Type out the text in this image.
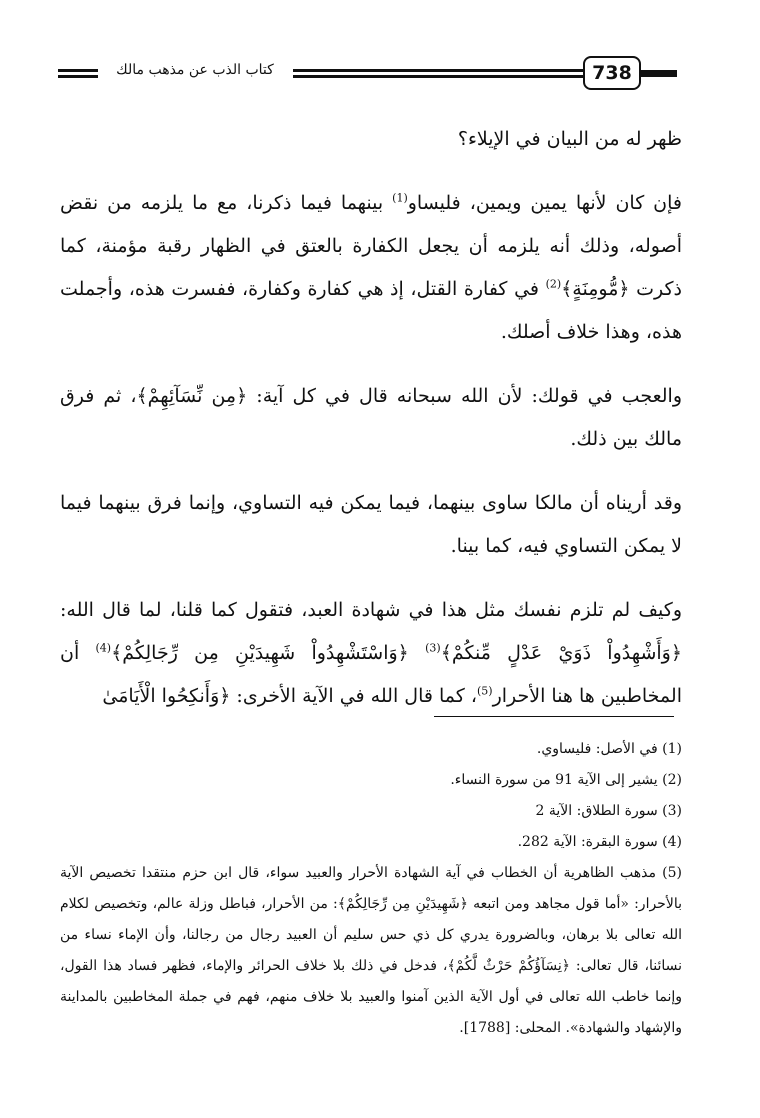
كتاب الذب عن مذهب مالك	738

ظهر له من البيان في الإيلاء؟

فإن كان لأنها يمين ويمين، فليساو$^{(1)}$ بينهما فيما ذكرنا، مع ما يلزمه من نقض أصوله، وذلك أنه يلزمه أن يجعل الكفارة بالعتق في الظهار رقبة مؤمنة، كما ذكرت ﴿مُّومِنَةٍ﴾$^{(2)}$ في كفارة القتل، إذ هي كفارة وكفارة، ففسرت هذه، وأجملت هذه، وهذا خلاف أصلك.

والعجب في قولك: لأن الله سبحانه قال في كل آية: ﴿مِن نِّسَآئِهِمْ﴾، ثم فرق مالك بين ذلك.

وقد أريناه أن مالكا ساوى بينهما، فيما يمكن فيه التساوي، وإنما فرق بينهما فيما لا يمكن التساوي فيه، كما بينا.

وكيف لم تلزم نفسك مثل هذا في شهادة العبد، فتقول كما قلنا، لما قال الله: ﴿وَأَشْهِدُواْ ذَوَيْ عَدْلٍ مِّنكُمْ﴾$^{(3)}$ ﴿وَاسْتَشْهِدُواْ شَهِيدَيْنِ مِن رِّجَالِكُمْ﴾$^{(4)}$ أن المخاطبين ها هنا الأحرار$^{(5)}$، كما قال الله في الآية الأخرى: ﴿وَأَنكِحُوا الْأَيَامَىٰ

(1) في الأصل: فليساوي.

(2) يشير إلى الآية 91 من سورة النساء.

(3) سورة الطلاق: الآية 2

(4) سورة البقرة: الآية 282.

(5) مذهب الظاهرية أن الخطاب في آية الشهادة الأحرار والعبيد سواء، قال ابن حزم منتقدا تخصيص الآية بالأحرار: «أما قول مجاهد ومن اتبعه ﴿شَهِيدَيْنِ مِن رِّجَالِكُمْ﴾: من الأحرار، فباطل وزلة عالم، وتخصيص لكلام الله تعالى بلا برهان، وبالضرورة يدري كل ذي حس سليم أن العبيد رجال من رجالنا، وأن الإماء نساء من نسائنا، قال تعالى: ﴿نِسَآؤُكُمْ حَرْثٌ لَّكُمْ﴾، فدخل في ذلك بلا خلاف الحرائر والإماء، فظهر فساد هذا القول، وإنما خاطب الله تعالى في أول الآية الذين آمنوا والعبيد بلا خلاف منهم، فهم في جملة المخاطبين بالمداينة والإشهاد والشهادة». المحلى: [1788].
